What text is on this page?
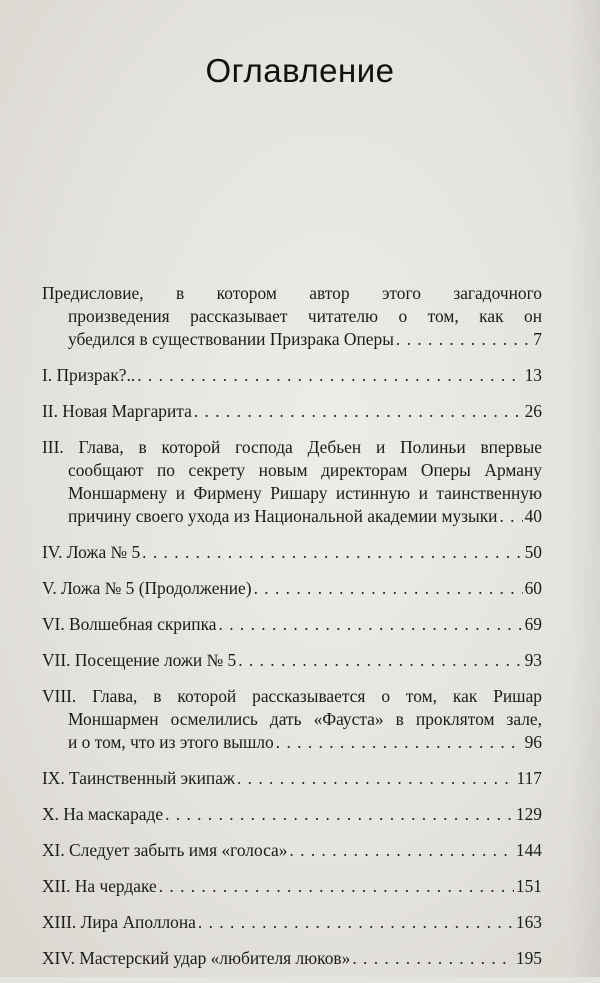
Оглавление
Предисловие, в котором автор этого загадочного
произведения рассказывает читателю о том, как он
убедился в существовании Призрака Оперы . . .	7
I. Призрак?.. . . .	13
II. Новая Маргарита . . .	26
III. Глава, в которой господа Дебьен и Полиньи впервые
сообщают по секрету новым директорам Оперы Арману
Моншармену и Фирмену Ришару истинную и таинственную
причину своего ухода из Национальной академии музыки . . . 40
IV. Ложа № 5 . . .	50
V. Ложа № 5 (Продолжение) . . .	60
VI. Волшебная скрипка . . .	69
VII. Посещение ложи № 5 . . .	93
VIII. Глава, в которой рассказывается о том, как Ришар
Моншармен осмелились дать «Фауста» в проклятом зале,
и о том, что из этого вышло . . .	96
IX. Таинственный экипаж . . .	117
X. На маскараде . . .	129
XI. Следует забыть имя «голоса» . . .	144
XII. На чердаке . . .	151
XIII. Лира Аполлона . . .	163
XIV. Мастерский удар «любителя люков» . . .	195
